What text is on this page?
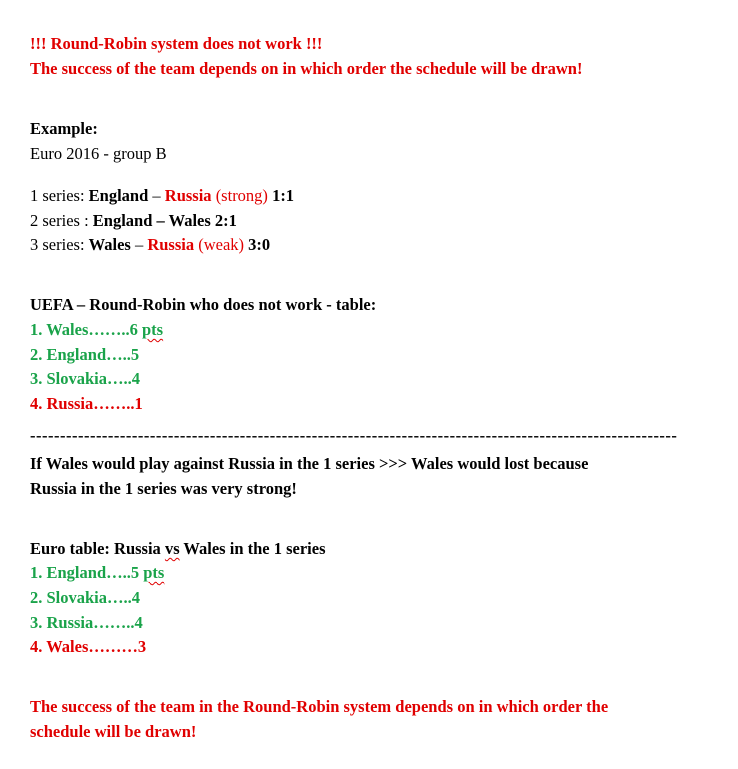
!!! Round-Robin system does not work !!!
The success of the team depends on in which order the schedule will be drawn!
Example:
Euro 2016 - group B
1 series: England – Russia (strong) 1:1
2 series : England – Wales 2:1
3 series: Wales – Russia (weak) 3:0
UEFA – Round-Robin who does not work - table:
1. Wales……..6 pts
2. England…..5
3. Slovakia…..4
4. Russia……..1
------------------------------------------------------------------------------------------------------------
If Wales would play against Russia in the 1 series >>> Wales would lost because
Russia in the 1 series was very strong!
Euro table: Russia vs Wales in the 1 series
1. England…..5 pts
2. Slovakia…..4
3. Russia……..4
4. Wales………3
The success of the team in the Round-Robin system depends on in which order the
schedule will be drawn!
